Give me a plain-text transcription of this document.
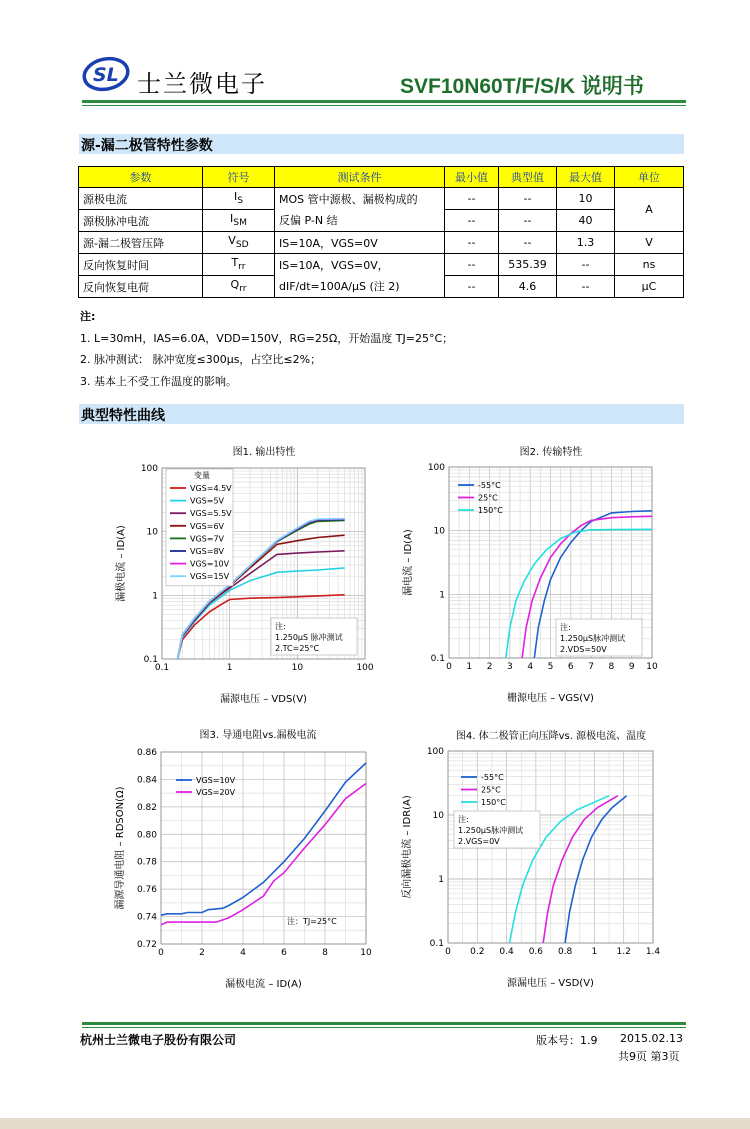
SL 士兰微电子	SVF10N60T/F/S/K 说明书
源-漏二极管特性参数
参数	符号	测试条件	最小值	典型值	最大值	单位
源极电流	$I_S$	MOS 管中源极、漏极构成的	--	--	10	A
源极脉冲电流	$I_{SM}$	反偏 P-N 结	--	--	40	
源-漏二极管压降	$V_{SD}$	IS=10A，VGS=0V	--	--	1.3	V
反向恢复时间	$T_{rr}$	IS=10A，VGS=0V，	--	535.39	--	ns
反向恢复电荷	$Q_{rr}$	dIF/dt=100A/μS (注 2)	--	4.6	--	μC
注:
1. L=30mH，IAS=6.0A，VDD=150V，RG=25Ω，开始温度 TJ=25°C；
2. 脉冲测试： 脉冲宽度≤300μs，占空比≤2%；
3. 基本上不受工作温度的影响。
典型特性曲线
0.1	1	10	100
0.1
1
10
100
图1. 输出特性
漏源电压 – VDS(V)
漏极电流 – ID(A)
变量
VGS=4.5V
VGS=5V
VGS=5.5V
VGS=6V
VGS=7V
VGS=8V
VGS=10V
VGS=15V
注:
1.250μS 脉冲测试
2.TC=25°C
0 1 2 3 4 5 6 7 8 9 10
0.1
1
10
100
图2. 传输特性
栅源电压 – VGS(V)
漏电流 – ID(A)
-55°C
25°C
150°C
注:
1.250μS脉冲测试
2.VDS=50V
0	2	4	6	8	10
0.72
0.74
0.76
0.78
0.80
0.82
0.84
0.86
图3. 导通电阻vs.漏极电流
漏极电流 – ID(A)
漏源导通电阻 – RDSON(Ω)
VGS=10V
VGS=20V
注：TJ=25°C
0 0.2 0.4 0.6 0.8 1 1.2 1.4
0.1
1
10
100
图4. 体二极管正向压降vs. 源极电流、温度
源漏电压 – VSD(V)
反向漏极电流 – IDR(A)
-55°C
25°C
150°C
注:
1.250μS脉冲测试
2.VGS=0V
杭州士兰微电子股份有限公司	版本号：1.9 2015.02.13
共9页 第3页
